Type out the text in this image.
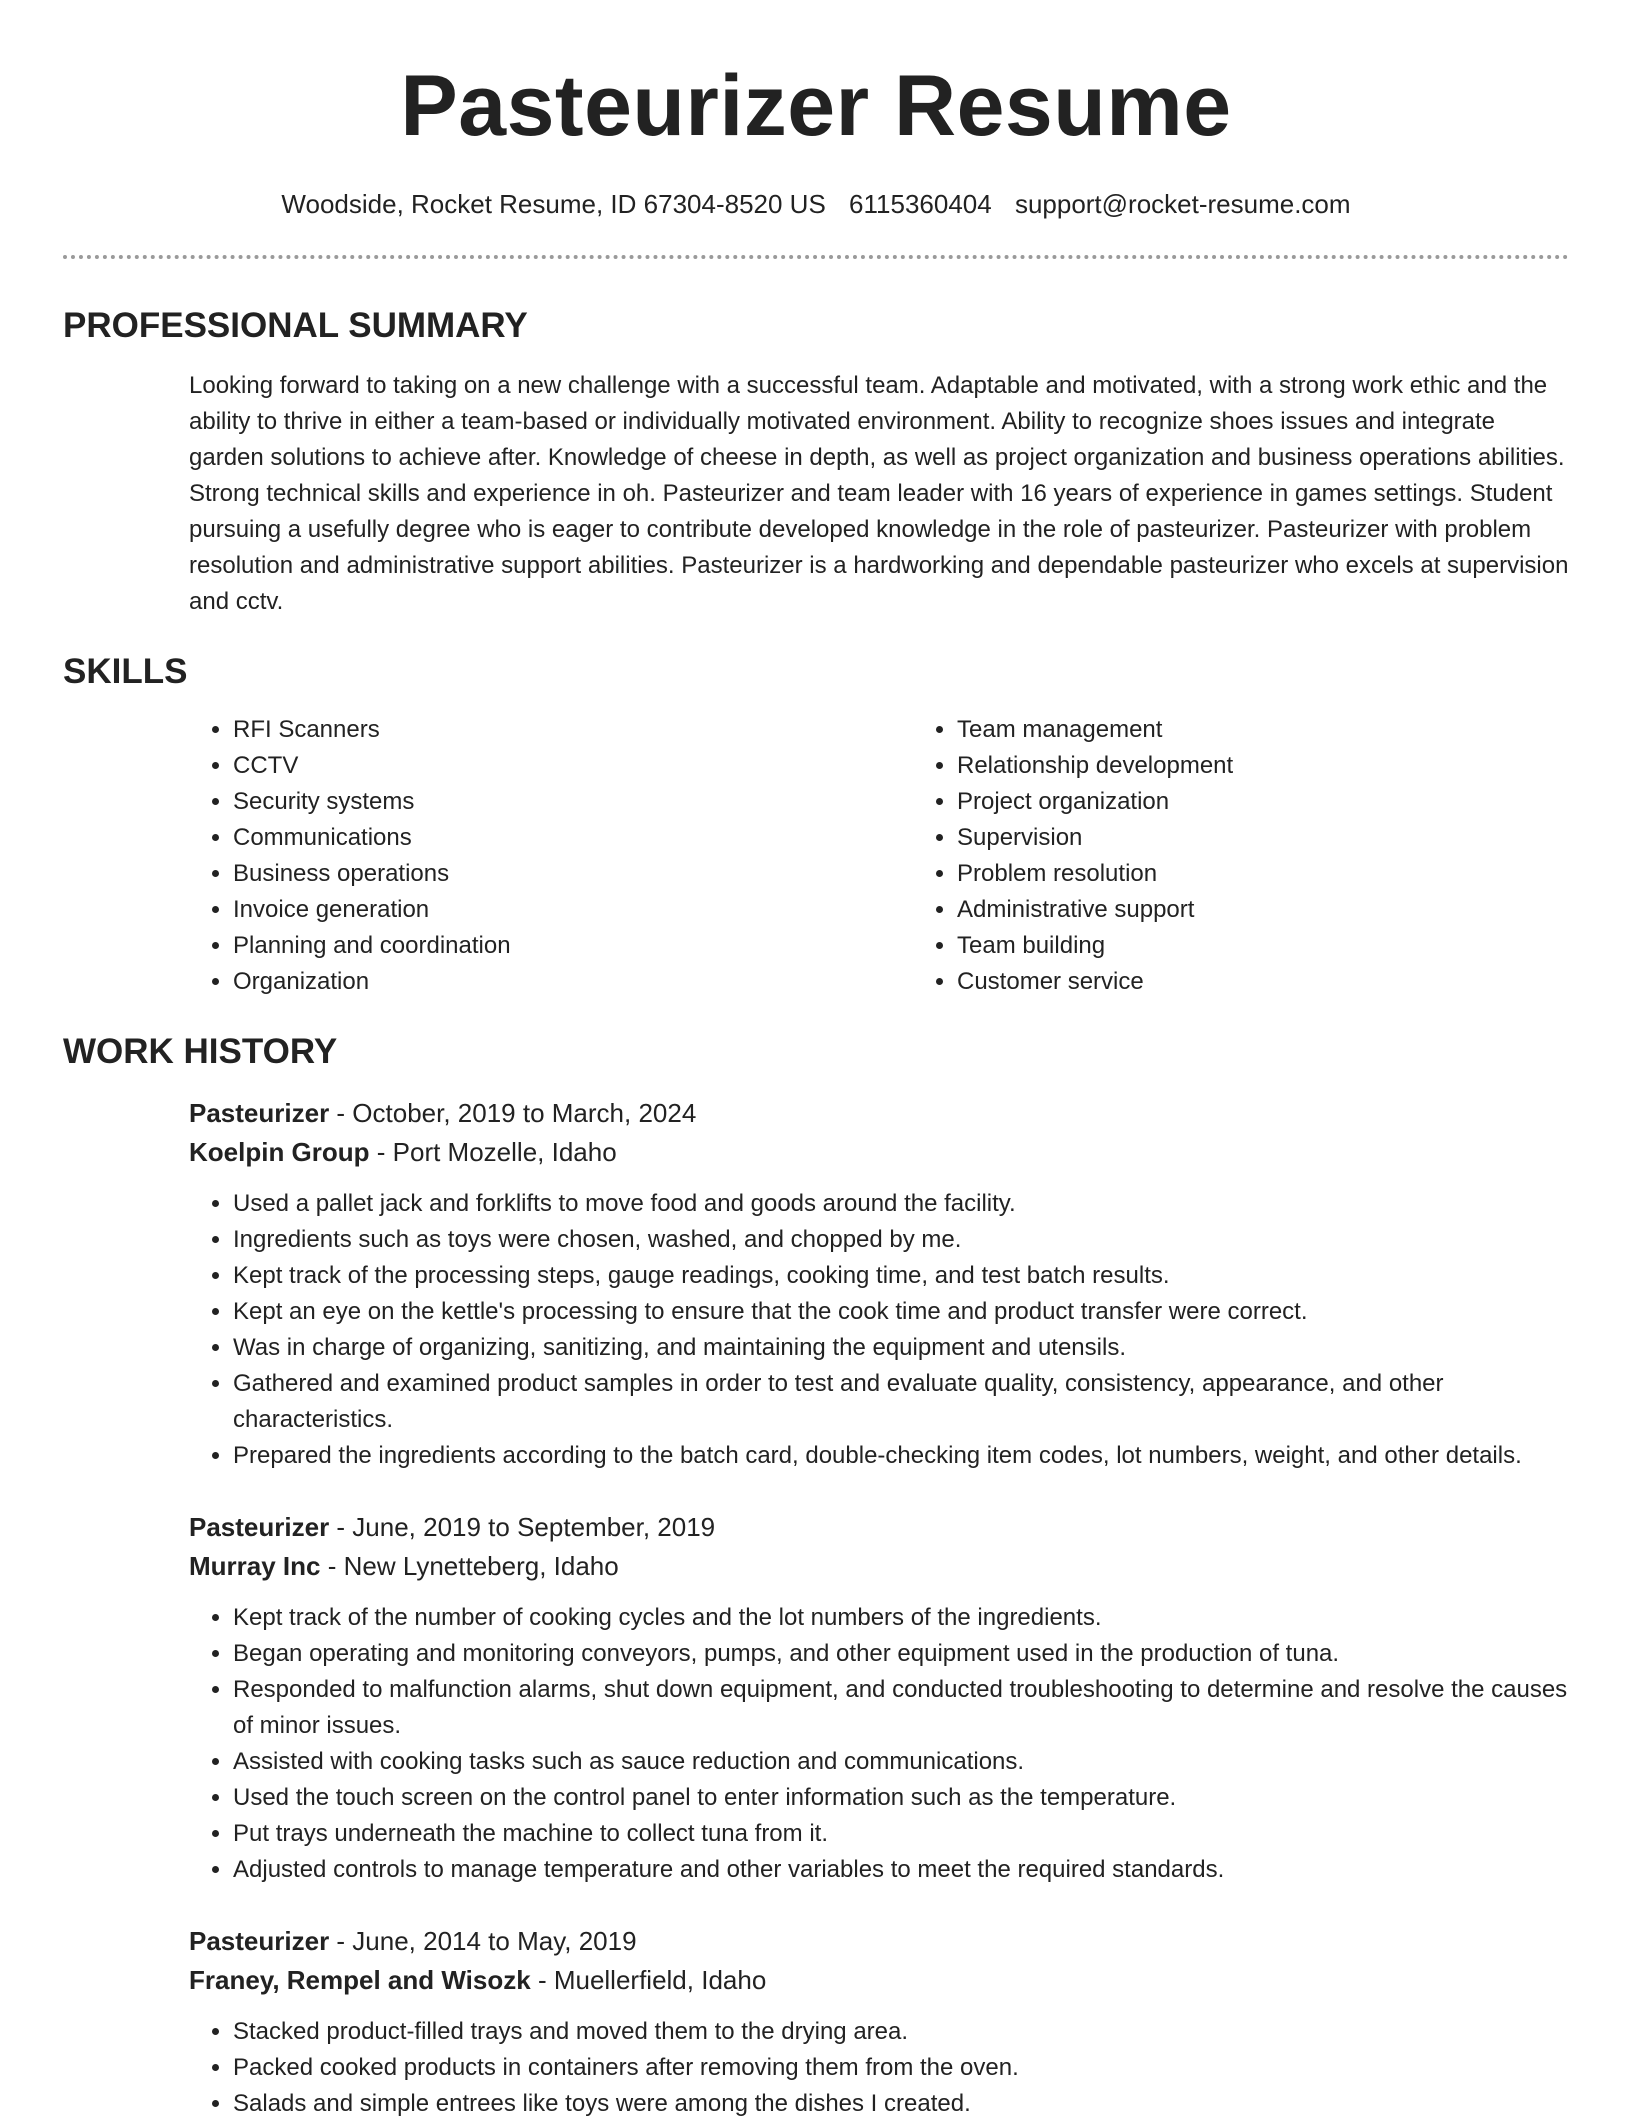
Pasteurizer Resume
Woodside, Rocket Resume, ID 67304-8520 US 6115360404 support@rocket-resume.com
PROFESSIONAL SUMMARY

Looking forward to taking on a new challenge with a successful team. Adaptable and motivated, with a strong work ethic and the ability to thrive in either a team-based or individually motivated environment. Ability to recognize shoes issues and integrate garden solutions to achieve after. Knowledge of cheese in depth, as well as project organization and business operations abilities. Strong technical skills and experience in oh. Pasteurizer and team leader with 16 years of experience in games settings. Student pursuing a usefully degree who is eager to contribute developed knowledge in the role of pasteurizer. Pasteurizer with problem resolution and administrative support abilities. Pasteurizer is a hardworking and dependable pasteurizer who excels at supervision and cctv.

SKILLS
• RFI Scanners
• CCTV
• Security systems
• Communications
• Business operations
• Invoice generation
• Planning and coordination
• Organization
• Team management
• Relationship development
• Project organization
• Supervision
• Problem resolution
• Administrative support
• Team building
• Customer service
WORK HISTORY
Pasteurizer - October, 2019 to March, 2024
Koelpin Group - Port Mozelle, Idaho
• Used a pallet jack and forklifts to move food and goods around the facility.
• Ingredients such as toys were chosen, washed, and chopped by me.
• Kept track of the processing steps, gauge readings, cooking time, and test batch results.
• Kept an eye on the kettle's processing to ensure that the cook time and product transfer were correct.
• Was in charge of organizing, sanitizing, and maintaining the equipment and utensils.
• Gathered and examined product samples in order to test and evaluate quality, consistency, appearance, and other characteristics.
• Prepared the ingredients according to the batch card, double-checking item codes, lot numbers, weight, and other details.
Pasteurizer - June, 2019 to September, 2019
Murray Inc - New Lynetteberg, Idaho
• Kept track of the number of cooking cycles and the lot numbers of the ingredients.
• Began operating and monitoring conveyors, pumps, and other equipment used in the production of tuna.
• Responded to malfunction alarms, shut down equipment, and conducted troubleshooting to determine and resolve the causes of minor issues.
• Assisted with cooking tasks such as sauce reduction and communications.
• Used the touch screen on the control panel to enter information such as the temperature.
• Put trays underneath the machine to collect tuna from it.
• Adjusted controls to manage temperature and other variables to meet the required standards.
Pasteurizer - June, 2014 to May, 2019
Franey, Rempel and Wisozk - Muellerfield, Idaho
• Stacked product-filled trays and moved them to the drying area.
• Packed cooked products in containers after removing them from the oven.
• Salads and simple entrees like toys were among the dishes I created.
